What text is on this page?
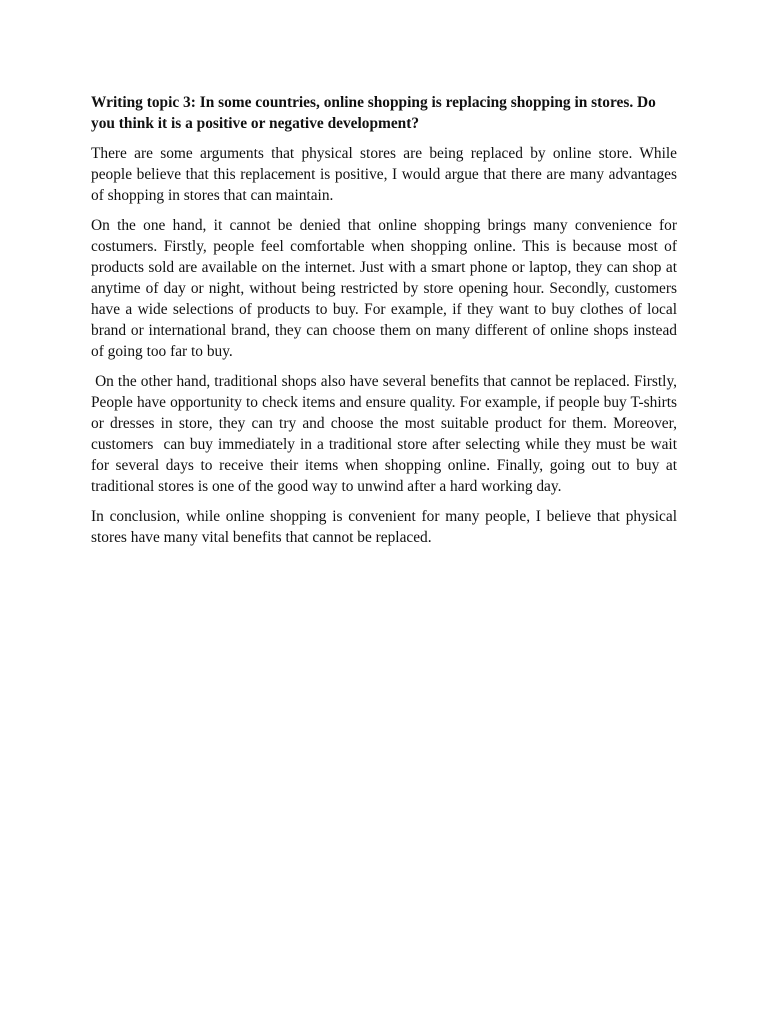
Writing topic 3: In some countries, online shopping is replacing shopping in stores. Do you think it is a positive or negative development?

There are some arguments that physical stores are being replaced by online store. While people believe that this replacement is positive, I would argue that there are many advantages of shopping in stores that can maintain.

On the one hand, it cannot be denied that online shopping brings many convenience for costumers. Firstly, people feel comfortable when shopping online. This is because most of products sold are available on the internet. Just with a smart phone or laptop, they can shop at anytime of day or night, without being restricted by store opening hour. Secondly, customers have a wide selections of products to buy. For example, if they want to buy clothes of local brand or international brand, they can choose them on many different of online shops instead of going too far to buy.

On the other hand, traditional shops also have several benefits that cannot be replaced. Firstly, People have opportunity to check items and ensure quality. For example, if people buy T-shirts or dresses in store, they can try and choose the most suitable product for them. Moreover, customers  can buy immediately in a traditional store after selecting while they must be wait for several days to receive their items when shopping online. Finally, going out to buy at traditional stores is one of the good way to unwind after a hard working day.

In conclusion, while online shopping is convenient for many people, I believe that physical stores have many vital benefits that cannot be replaced.
